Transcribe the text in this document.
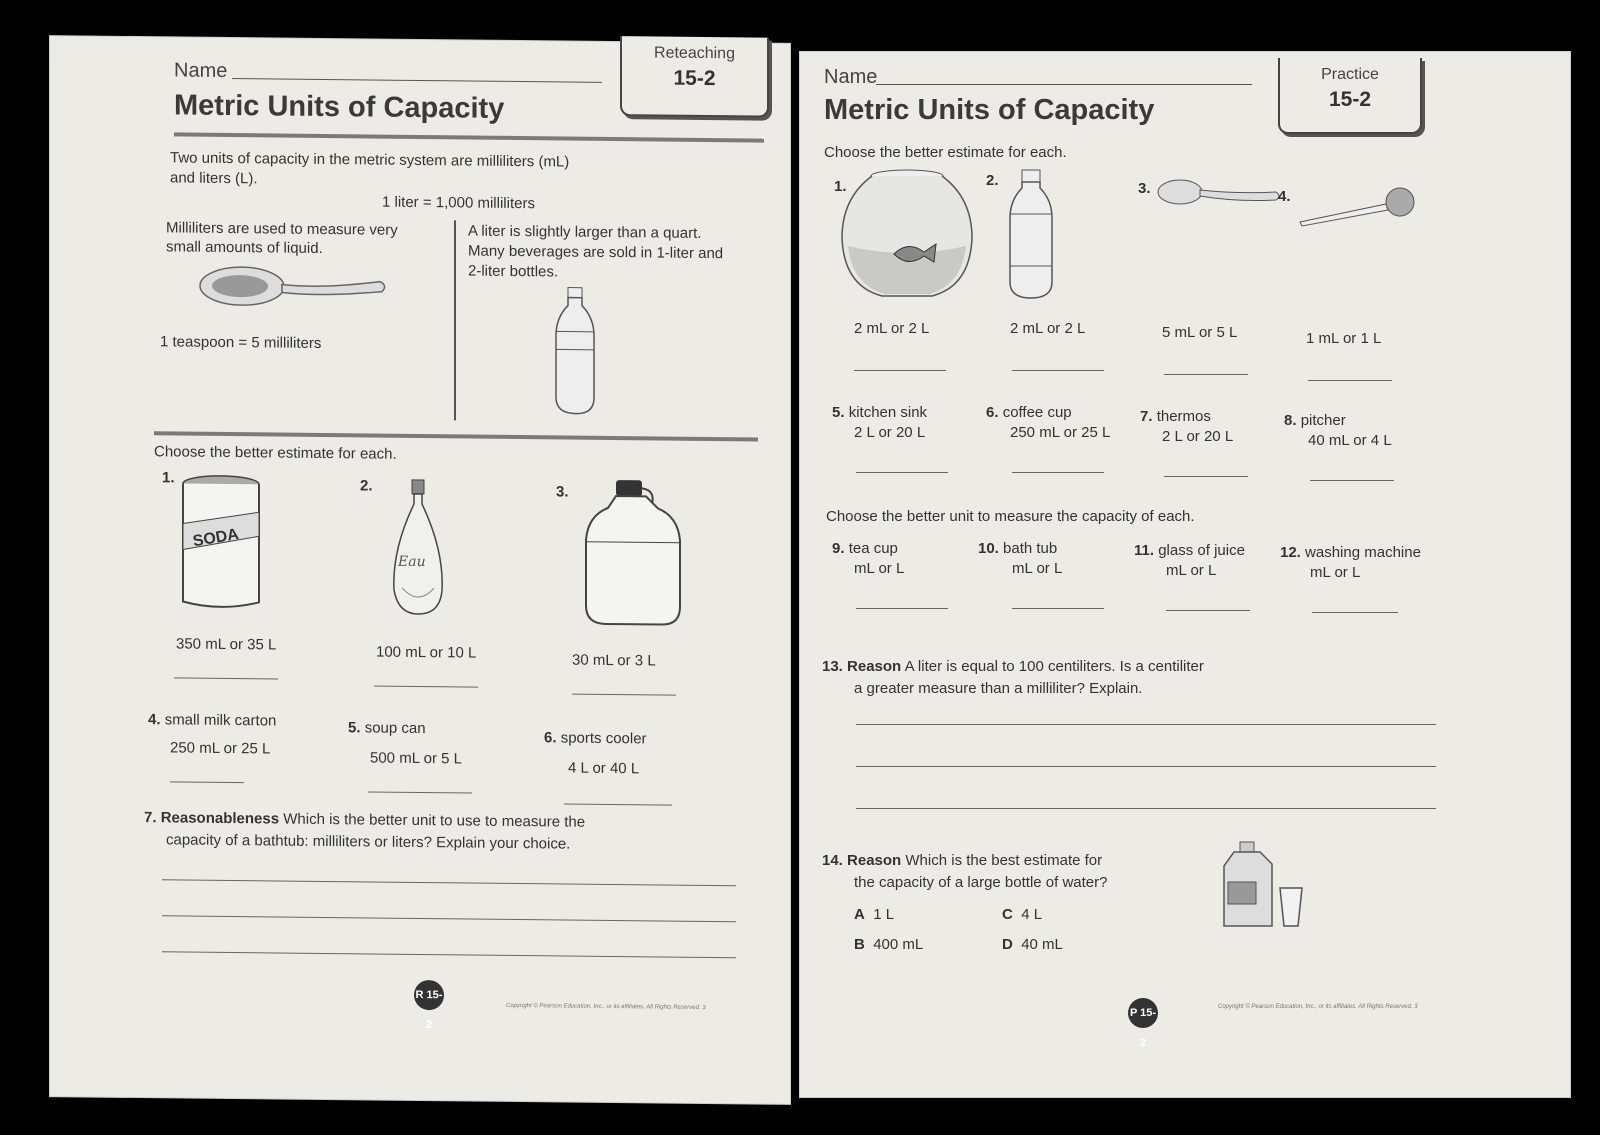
Name
Reteaching
15-2
Metric Units of Capacity
Two units of capacity in the metric system are milliliters (mL)
and liters (L).
1 liter = 1,000 milliliters
Milliliters are used to measure very
small amounts of liquid.
1 teaspoon = 5 milliliters
A liter is slightly larger than a quart.
Many beverages are sold in 1-liter and
2-liter bottles.
Choose the better estimate for each.
1.
SODA
350 mL or 35 L
2.
Eau
100 mL or 10 L
3.
30 mL or 3 L
4. small milk carton
250 mL or 25 L
5. soup can
500 mL or 5 L
6. sports cooler
4 L or 40 L
7. Reasonableness Which is the better unit to use to measure the
capacity of a bathtub: milliliters or liters? Explain your choice.
R 15-2
Copyright © Pearson Education, Inc., or its affiliates. All Rights Reserved. 3
Name	Practice
15-2
Metric Units of Capacity
Choose the better estimate for each.
1.
2 mL or 2 L
2.
2 mL or 2 L
3.
5 mL or 5 L
4.
1 mL or 1 L
5. kitchen sink
2 L or 20 L
6. coffee cup
250 mL or 25 L
7. thermos
2 L or 20 L
8. pitcher
40 mL or 4 L
Choose the better unit to measure the capacity of each.
9. tea cup
mL or L
10. bath tub
mL or L
11. glass of juice
mL or L
12. washing machine
mL or L
13. Reason A liter is equal to 100 centiliters. Is a centiliter
a greater measure than a milliliter? Explain.
14. Reason Which is the best estimate for
the capacity of a large bottle of water?
A 1 L	C 4 L
B 400 mL	D 40 mL
P 15-2
Copyright © Pearson Education, Inc., or its affiliates. All Rights Reserved. 3
